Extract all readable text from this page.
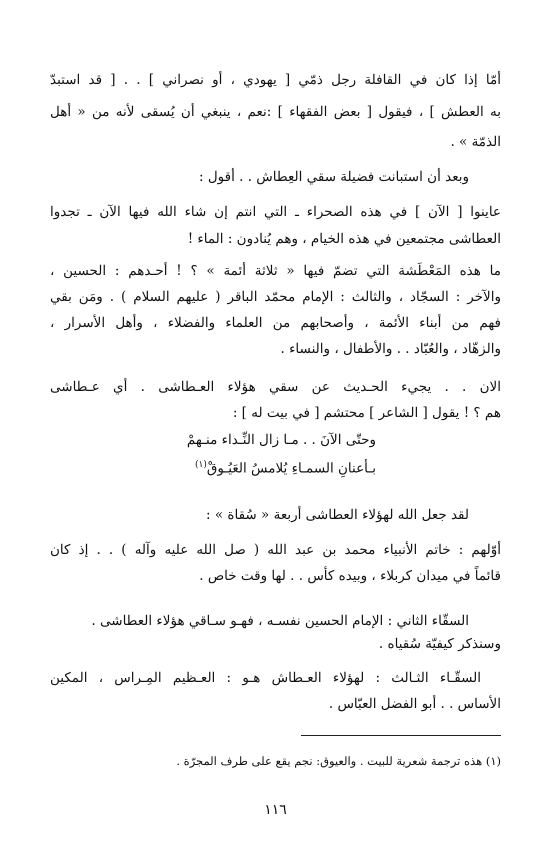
أمّا إذا كان في القافلة رجل ذمّي [ يهودي ، أو نصراني ] . . [ قد استبدّ
به العطش ] ، فيقول [ بعض الفقهاء ] :نعم ، ينبغي أن يُسقى لأنه من « أهل
الذمّة » .
وبعد أن استبانت فضيلة سقي العِطاش . . أقول :
عاينوا [ الآن ] في هذه الصحراء ـ التي انتم إن شاء الله فيها الآن ـ تجدوا
العطاشى مجتمعين في هذه الخيام ، وهم يُنادون : الماء !
ما هذه المَعْطَشة التي تضمّ فيها « ثلاثة أئمة » ؟ ! أحـدهم : الحسين ،
والآخر : السجّاد ، والثالث : الإمام محمّد الباقر ( عليهم السلام ) . ومَن بقي
فهم من أبناء الأئمة ، وأصحابهم من العلماء والفضلاء ، وأهل الأسرار ،
والزهّاد ، والعُبّاد . . والأطفال ، والنساء .
الان . . يجيء الحـديث عن سقي هؤلاء العـطاشى . أي عـطاشى
هم ؟ ! يقول [ الشاعر ] محتشم [ في بيت له ] :
وحتّى الآنَ . . مـا زال النِّـداء منـهمْ
بـأعنانِ السمـاءِ يُلامسُ العَيُـوقْ$^{(١)}$
لقد جعل الله لهؤلاء العطاشى أربعة « سُقاة » :
أوّلهم : خاتم الأنبياء محمد بن عبد الله ( صل الله عليه وآله ) . . إذ كان
قائماً في ميدان كربلاء ، وبيده كأس . . لها وقت خاص .
السقّاء الثاني : الإمام الحسين نفسـه ، فهـو سـاقي هؤلاء العطاشى .
وسنذكر كيفيّة سُقياه .
السقّـاء الثـالث : لهؤلاء العـطاش هـو : العـظيم المِـراس ، المكين
الأساس . . أبو الفضل العبّاس .
(١) هذه ترجمة شعرية للبيت . والعيوق: نجم يقع على طرف المجرّة .
١١٦
